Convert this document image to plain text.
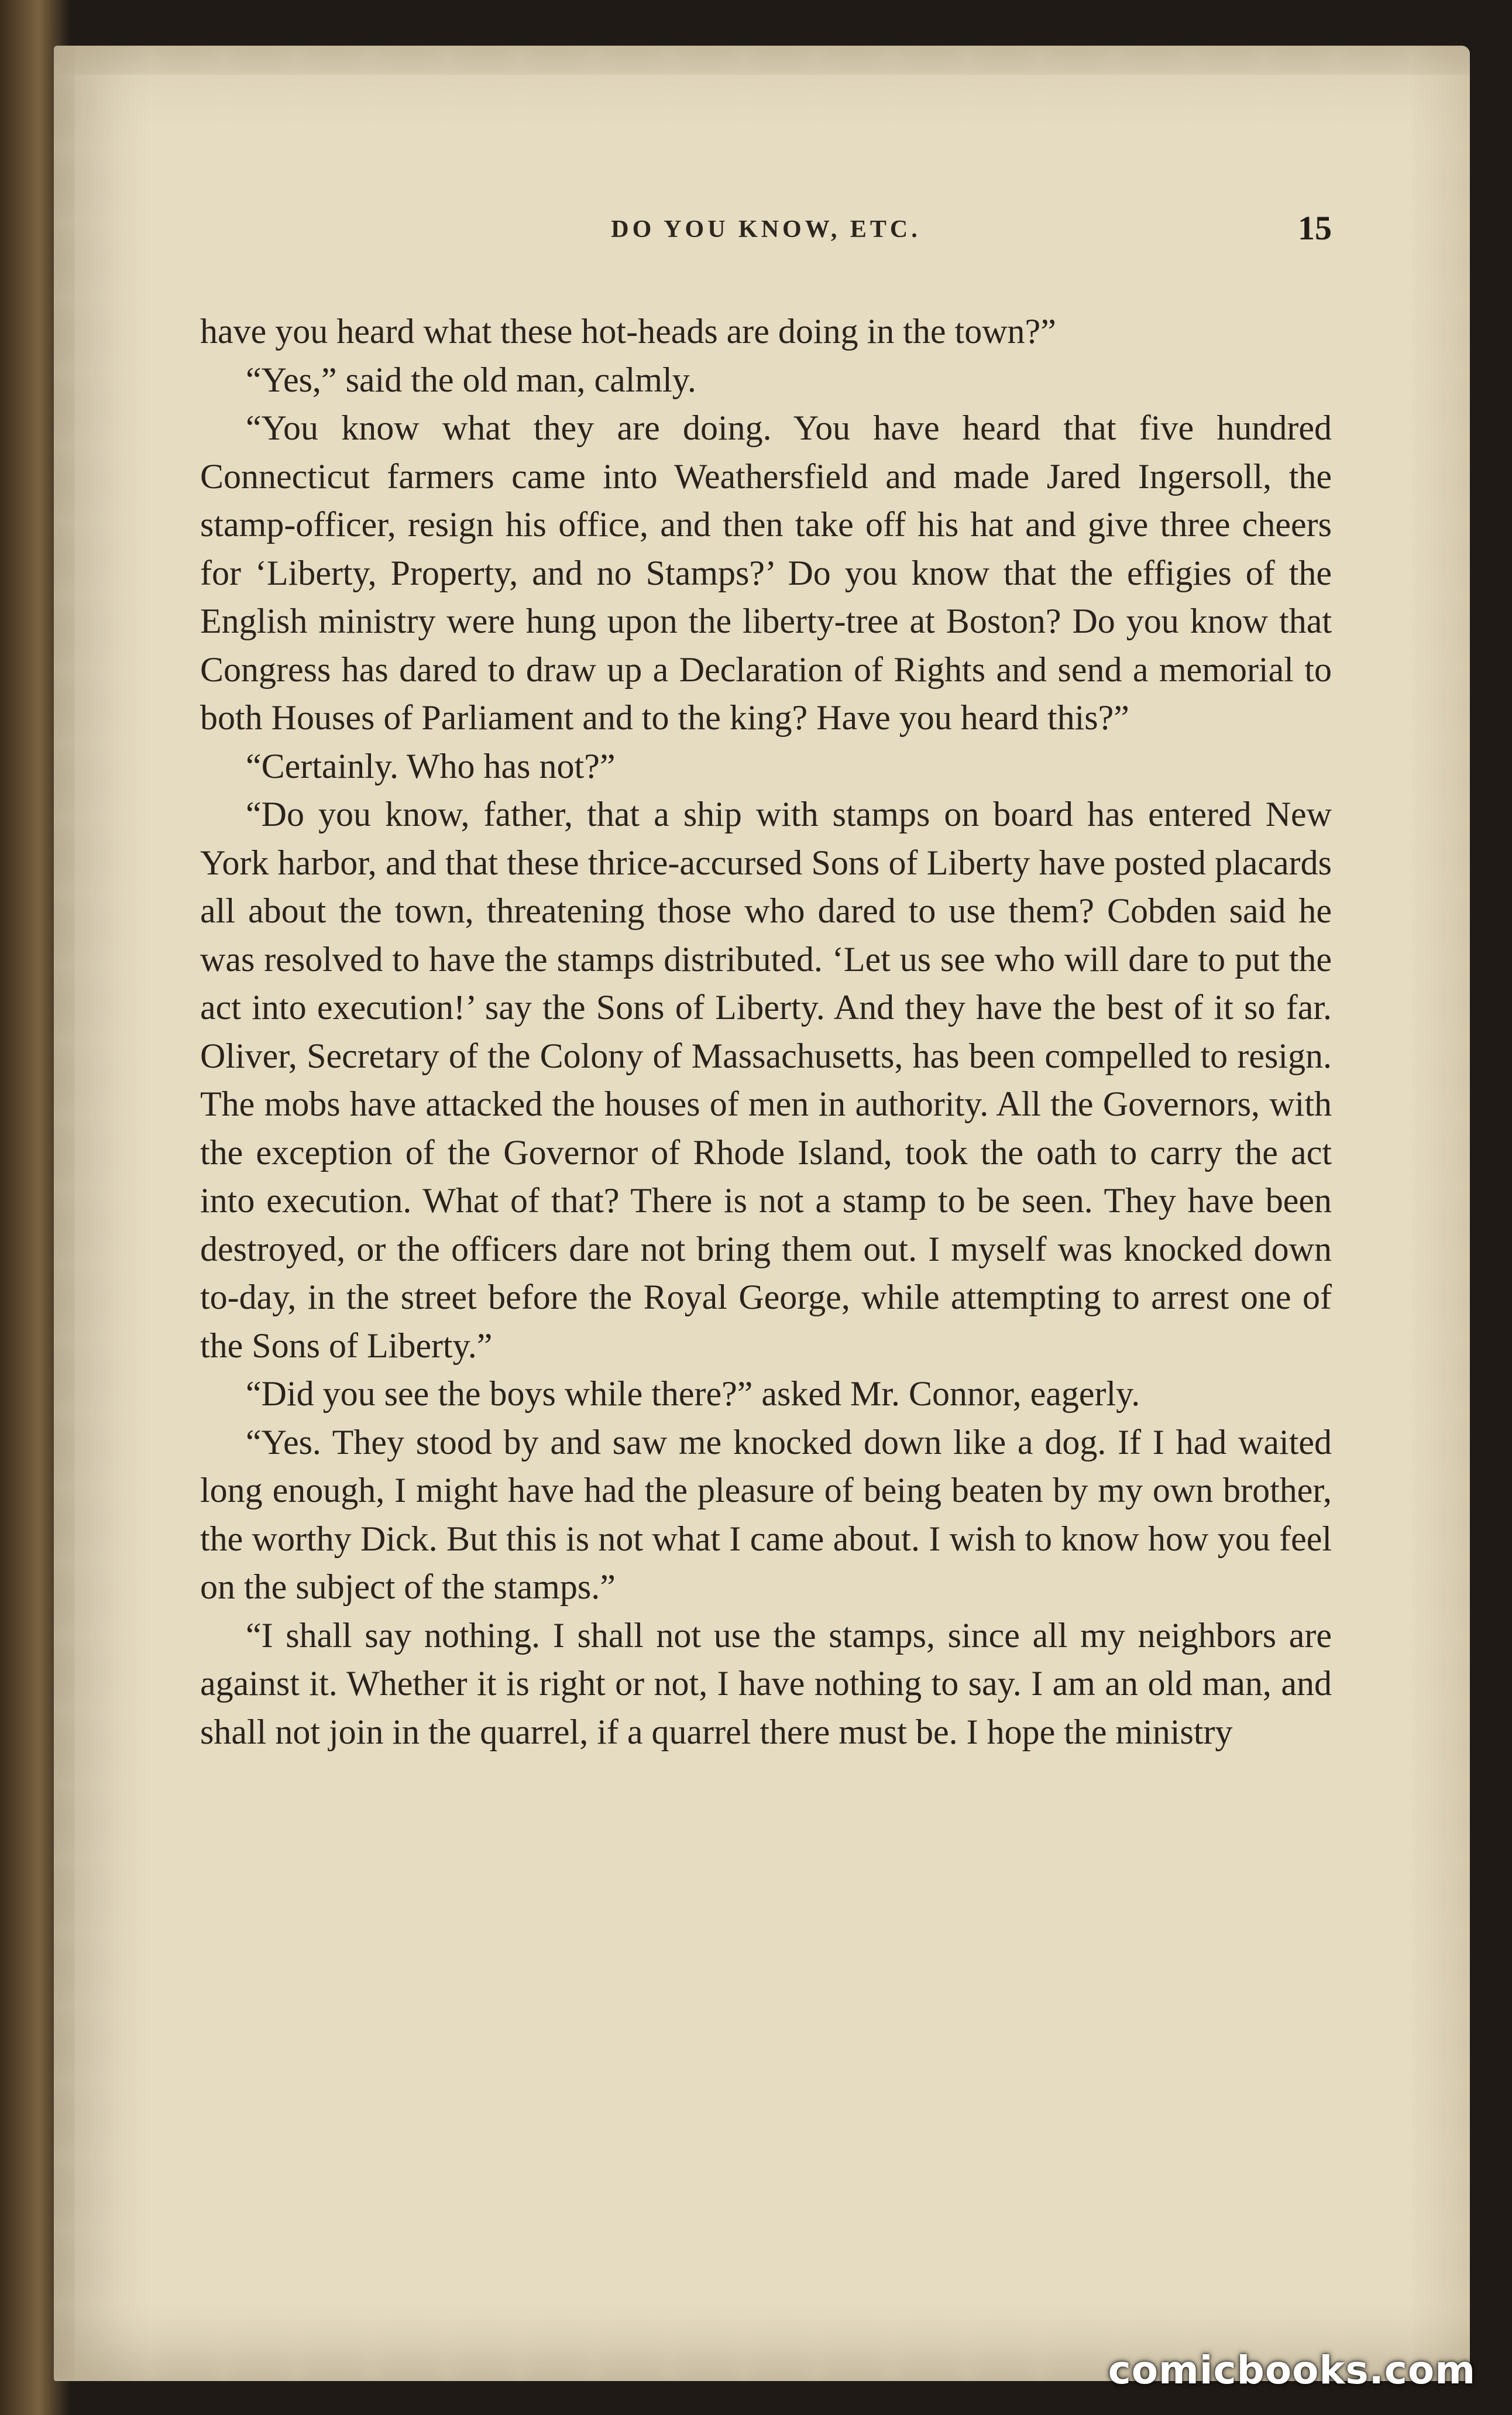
DO YOU KNOW, ETC.	15

have you heard what these hot-heads are doing in the town?”

“Yes,” said the old man, calmly.

“You know what they are doing. You have heard that five hundred Connecticut farmers came into Weathersfield and made Jared Ingersoll, the stamp-officer, resign his office, and then take off his hat and give three cheers for ‘Liberty, Property, and no Stamps?’ Do you know that the effigies of the English ministry were hung upon the liberty-tree at Boston? Do you know that Congress has dared to draw up a Declaration of Rights and send a memorial to both Houses of Parliament and to the king? Have you heard this?”

“Certainly. Who has not?”

“Do you know, father, that a ship with stamps on board has entered New York harbor, and that these thrice-accursed Sons of Liberty have posted placards all about the town, threatening those who dared to use them? Cobden said he was resolved to have the stamps distributed. ‘Let us see who will dare to put the act into execution!’ say the Sons of Liberty. And they have the best of it so far. Oliver, Secretary of the Colony of Massachusetts, has been compelled to resign. The mobs have attacked the houses of men in authority. All the Governors, with the exception of the Governor of Rhode Island, took the oath to carry the act into execution. What of that? There is not a stamp to be seen. They have been destroyed, or the officers dare not bring them out. I myself was knocked down to-day, in the street before the Royal George, while attempting to arrest one of the Sons of Liberty.”

“Did you see the boys while there?” asked Mr. Connor, eagerly.

“Yes. They stood by and saw me knocked down like a dog. If I had waited long enough, I might have had the pleasure of being beaten by my own brother, the worthy Dick. But this is not what I came about. I wish to know how you feel on the subject of the stamps.”

“I shall say nothing. I shall not use the stamps, since all my neighbors are against it. Whether it is right or not, I have nothing to say. I am an old man, and shall not join in the quarrel, if a quarrel there must be. I hope the ministry

comicbooks.com
